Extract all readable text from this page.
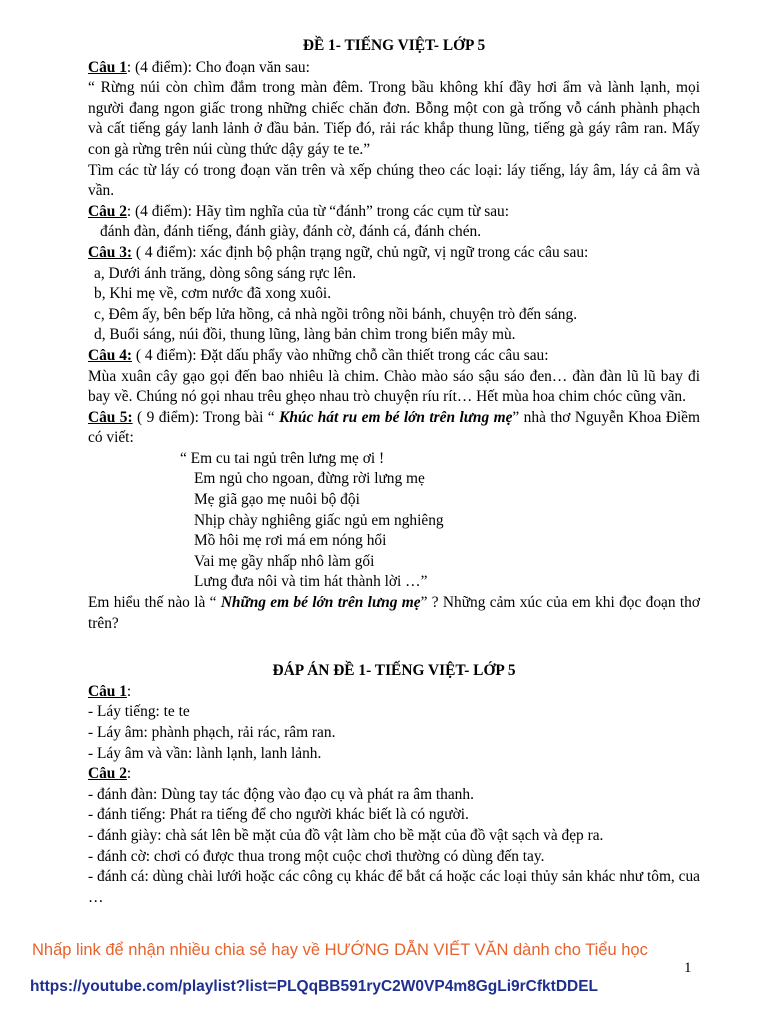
ĐỀ 1- TIẾNG VIỆT- LỚP 5

Câu 1: (4 điểm): Cho đoạn văn sau:

“ Rừng núi còn chìm đắm trong màn đêm. Trong bầu không khí đầy hơi ẩm và lành lạnh, mọi người đang ngon giấc trong những chiếc chăn đơn. Bỗng một con gà trống vỗ cánh phành phạch và cất tiếng gáy lanh lảnh ở đầu bản. Tiếp đó, rải rác khắp thung lũng, tiếng gà gáy râm ran. Mấy con gà rừng trên núi cùng thức dậy gáy te te.”

Tìm các từ láy có trong đoạn văn trên và xếp chúng theo các loại: láy tiếng, láy âm, láy cả âm và vần.

Câu 2: (4 điểm): Hãy tìm nghĩa của từ “đánh” trong các cụm từ sau:

đánh đàn, đánh tiếng, đánh giày, đánh cờ, đánh cá, đánh chén.

Câu 3: ( 4 điểm): xác định bộ phận trạng ngữ, chủ ngữ, vị ngữ trong các câu sau:

a, Dưới ánh trăng, dòng sông sáng rực lên.

b, Khi mẹ về, cơm nước đã xong xuôi.

c, Đêm ấy, bên bếp lửa hồng, cả nhà ngồi trông nồi bánh, chuyện trò đến sáng.

d, Buổi sáng, núi đồi, thung lũng, làng bản chìm trong biển mây mù.

Câu 4: ( 4 điểm): Đặt dấu phẩy vào những chỗ cần thiết trong các câu sau:

Mùa xuân cây gạo gọi đến bao nhiêu là chim. Chào mào sáo sậu sáo đen… đàn đàn lũ lũ bay đi bay về. Chúng nó gọi nhau trêu ghẹo nhau trò chuyện ríu rít… Hết mùa hoa chim chóc cũng vãn.

Câu 5: ( 9 điểm): Trong bài “ Khúc hát ru em bé lớn trên lưng mẹ” nhà thơ Nguyễn Khoa Điềm có viết:

“ Em cu tai ngủ trên lưng mẹ ơi !

Em ngủ cho ngoan, đừng rời lưng mẹ

Mẹ giã gạo mẹ nuôi bộ đội

Nhịp chày nghiêng giấc ngủ em nghiêng

Mồ hôi mẹ rơi má em nóng hổi

Vai mẹ gầy nhấp nhô làm gối

Lưng đưa nôi và tim hát thành lời …”

Em hiểu thế nào là “ Những em bé lớn trên lưng mẹ” ? Những cảm xúc của em khi đọc đoạn thơ trên?

ĐÁP ÁN ĐỀ 1- TIẾNG VIỆT- LỚP 5

Câu 1:

- Láy tiếng: te te

- Láy âm: phành phạch, rải rác, râm ran.

- Láy âm và vần: lành lạnh, lanh lảnh.

Câu 2:

- đánh đàn: Dùng tay tác động vào đạo cụ và phát ra âm thanh.

- đánh tiếng: Phát ra tiếng để cho người khác biết là có người.

- đánh giày: chà sát lên bề mặt của đồ vật làm cho bề mặt của đồ vật sạch và đẹp ra.

- đánh cờ: chơi có được thua trong một cuộc chơi thường có dùng đến tay.

- đánh cá: dùng chài lưới hoặc các công cụ khác để bắt cá hoặc các loại thủy sản khác như tôm, cua …

Nhấp link để nhận nhiều chia sẻ hay về HƯỚNG DẪN VIẾT VĂN dành cho Tiểu học
1
https://youtube.com/playlist?list=PLQqBB591ryC2W0VP4m8GgLi9rCfktDDEL
